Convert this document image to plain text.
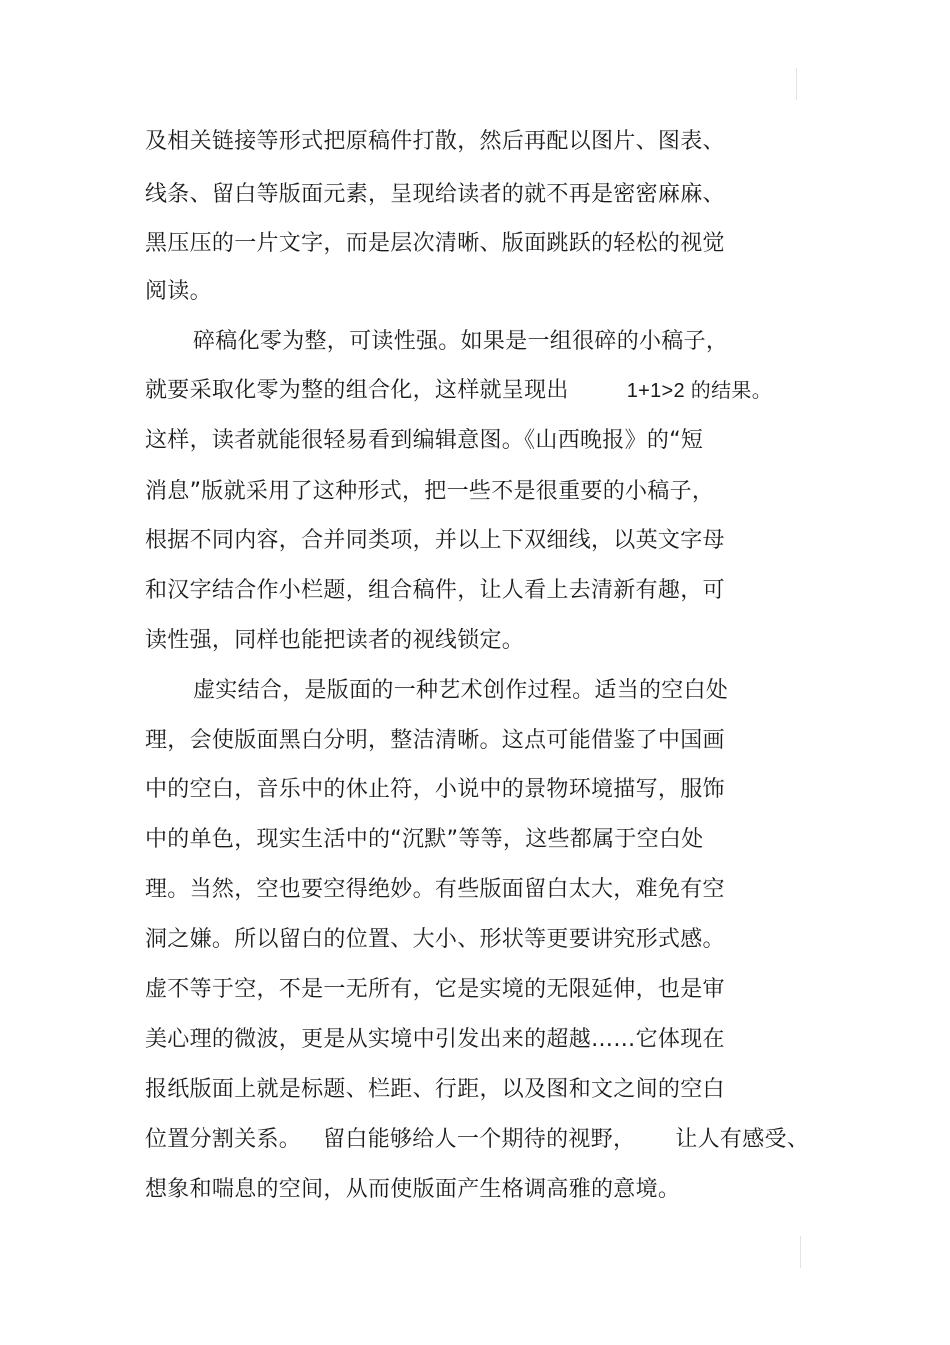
及相关链接等形式把原稿件打散，然后再配以图片、图表、
线条、留白等版面元素，呈现给读者的就不再是密密麻麻、
黑压压的一片文字，而是层次清晰、版面跳跃的轻松的视觉
阅读。
碎稿化零为整，可读性强。如果是一组很碎的小稿子，
就要采取化零为整的组合化，这样就呈现出	1+1>2 的结果。
这样，读者就能很轻易看到编辑意图。《山西晚报》的“短
消息”版就采用了这种形式，把一些不是很重要的小稿子，
根据不同内容，合并同类项，并以上下双细线，以英文字母
和汉字结合作小栏题，组合稿件，让人看上去清新有趣，可
读性强，同样也能把读者的视线锁定。
虚实结合，是版面的一种艺术创作过程。适当的空白处
理，会使版面黑白分明，整洁清晰。这点可能借鉴了中国画
中的空白，音乐中的休止符，小说中的景物环境描写，服饰
中的单色，现实生活中的“沉默”等等，这些都属于空白处
理。当然，空也要空得绝妙。有些版面留白太大，难免有空
洞之嫌。所以留白的位置、大小、形状等更要讲究形式感。
虚不等于空，不是一无所有，它是实境的无限延伸，也是审
美心理的微波，更是从实境中引发出来的超越……它体现在
报纸版面上就是标题、栏距、行距，以及图和文之间的空白
位置分割关系。 留白能够给人一个期待的视野， 让人有感受、
想象和喘息的空间，从而使版面产生格调高雅的意境。
